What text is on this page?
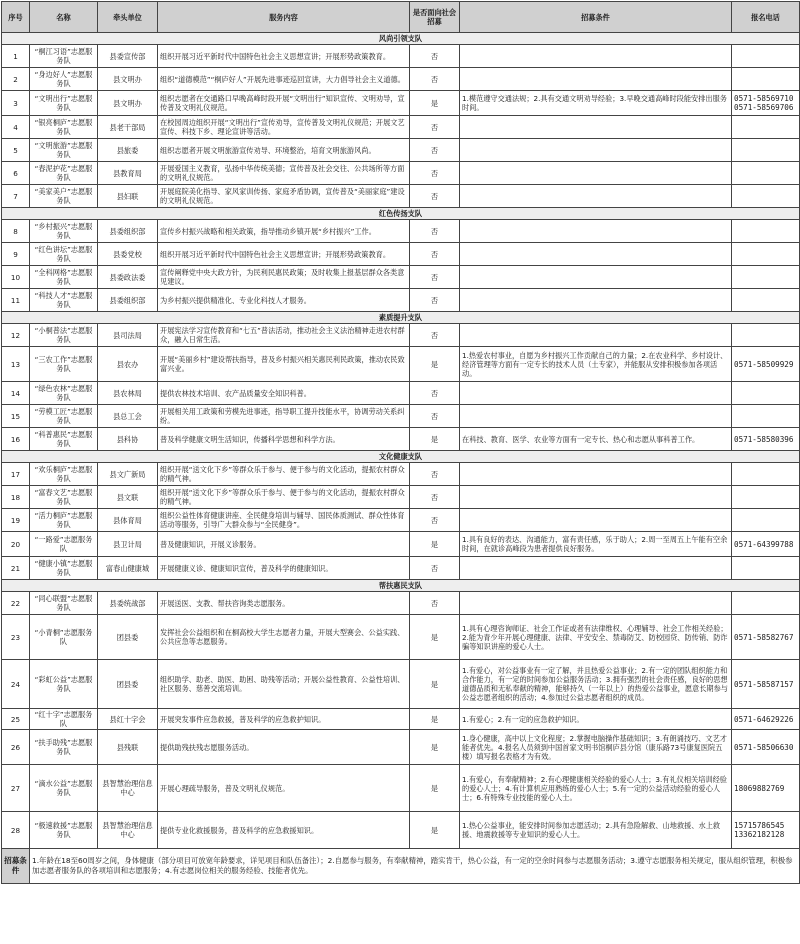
序号	名称	牵头单位	服务内容	是否面向社会招募	招募条件	报名电话
风尚引领支队						
1	“桐江习语”志愿服务队	县委宣传部	组织开展习近平新时代中国特色社会主义思想宣讲；开展形势政策教育。	否		
2	“身边好人”志愿服务队	县文明办	组织“道德模范”“桐庐好人”开展先进事迹巡回宣讲，大力倡导社会主义道德。	否		
3	“文明出行”志愿服务队	县文明办	组织志愿者在交通路口早晚高峰时段开展“文明出行”知识宣传、文明劝导，宣传普及文明礼仪规范。	是	1.模范遵守交通法规；2.具有交通文明劝导经验；3.早晚交通高峰时段能安排出服务时间。	0571-58569710
0571-58569706
4	“银亮桐庐”志愿服务队	县老干部局	在校园周边组织开展“文明出行”宣传劝导，宣传普及文明礼仪规范；开展文艺宣传、科技下乡、理论宣讲等活动。	否		
5	“文明旅游”志愿服务队	县旅委	组织志愿者开展文明旅游宣传劝导、环境整治，培育文明旅游风尚。	否		
6	“春泥护花”志愿服务队	县教育局	开展爱国主义教育，弘扬中华传统美德；宣传普及社会交往、公共场所等方面的文明礼仪规范。	否		
7	“美家美户”志愿服务队	县妇联	开展庭院美化指导、家风家训传扬、家庭矛盾协调，宣传普及“美丽家庭”建设的文明礼仪规范。	否		
红色传扬支队						
8	“乡村振兴”志愿服务队	县委组织部	宣传乡村振兴战略和相关政策，指导推动乡镇开展“乡村振兴”工作。	否		
9	“红色讲坛”志愿服务队	县委党校	组织开展习近平新时代中国特色社会主义思想宣讲；开展形势政策教育。	否		
10	“全科网格”志愿服务队	县委政法委	宣传阐释党中央大政方针，为民利民惠民政策；及时收集上报基层群众各类意见建议。	否		
11	“科技人才”志愿服务队	县委组织部	为乡村振兴提供精准化、专业化科技人才服务。	否		
素质提升支队						
12	“小桐普法”志愿服务队	县司法局	开展宪法学习宣传教育和“七五”普法活动，推动社会主义法治精神走进农村群众，融入日常生活。	否		
13	“三农工作”志愿服务队	县农办	开展“美丽乡村”建设帮扶指导，普及乡村振兴相关惠民利民政策，推动农民致富兴业。	是	1.热爱农村事业，自愿为乡村振兴工作贡献自己的力量；2.在农业科学、乡村设计、经济管理等方面有一定专长的技术人员（土专家），并能服从安排积极参加各项活动。	0571-58509929
14	“绿色农林”志愿服务队	县农林局	提供农林技术培训、农产品质量安全知识科普。	否		
15	“劳模工匠”志愿服务队	县总工会	开展相关用工政策和劳模先进事迹，指导职工提升技能水平，协调劳动关系纠纷。	否		
16	“科普惠民”志愿服务队	县科协	普及科学健康文明生活知识，传播科学思想和科学方法。	是	在科技、教育、医学、农业等方面有一定专长、热心和志愿从事科普工作。	0571-58580396
文化健康支队						
17	“欢乐桐庐”志愿服务队	县文广新局	组织开展“送文化下乡”等群众乐于参与、便于参与的文化活动，提振农村群众的精气神。	否		
18	“富春文艺”志愿服务队	县文联	组织开展“送文化下乡”等群众乐于参与、便于参与的文化活动，提振农村群众的精气神。	否		
19	“活力桐庐”志愿服务队	县体育局	组织公益性体育健康讲座、全民健身培训与辅导、国民体质测试、群众性体育活动等服务，引导广大群众参与“全民健身”。	否		
20	“一路爱”志愿服务队	县卫计局	普及健康知识，开展义诊服务。	是	1.具有良好的表达、沟通能力，富有责任感，乐于助人；2.周一至周五上午能有空余时间，在就诊高峰段为患者提供良好服务。	0571-64399788
21	“健康小镇”志愿服务队	富春山健康城	开展健康义诊、健康知识宣传，普及科学的健康知识。	否		
帮扶惠民支队						
22	“同心联盟”志愿服务队	县委统战部	开展送医、支教、帮扶咨询类志愿服务。	否		
23	“小青桐”志愿服务队	团县委	发挥社会公益组织和在桐高校大学生志愿者力量，开展大型赛会、公益实践、公共应急等志愿服务。	是	1.具有心理咨询师证、社会工作证或者有法律维权、心理辅导、社会工作相关经验；2.能为青少年开展心理健康、法律、平安安全、禁毒防艾、防校园贷、防传销、防诈骗等知识讲座的爱心人士。	0571-58582767
24	“彩虹公益”志愿服务队	团县委	组织助学、助老、助医、助困、助残等活动；开展公益性教育、公益性培训、社区服务、慈善交流培训。	是	1.有爱心，对公益事业有一定了解，并且热爱公益事业；2.有一定的团队组织能力和合作能力，有一定的时间参加公益服务活动；3.拥有强烈的社会责任感，良好的思想道德品质和无私奉献的精神，能够持久（一年以上）的热爱公益事业，愿意长期参与公益志愿者组织的活动；4.参加过公益志愿者组织的成员。	0571-58587157
25	“红十字”志愿服务队	县红十字会	开展突发事件应急救援，普及科学的应急救护知识。	是	1.有爱心；2.有一定的应急救护知识。	0571-64629226
26	“扶手助残”志愿服务队	县残联	提供助残扶残志愿服务活动。	是	1.身心健康，高中以上文化程度；2.掌握电脑操作基础知识；3.有朗诵技巧、文艺才能者优先。4.报名人员须到中国首家文明书馆桐庐县分馆（康乐路73号康复医院五楼）填写报名表格才为有效。	0571-58506630
27	“滴水公益”志愿服务队	县智慧治理信息中心	开展心理疏导服务，普及文明礼仪规范。	是	1.有爱心，有奉献精神；2.有心理健康相关经验的爱心人士；3.有礼仪相关培训经验的爱心人士；4.有计算机应用熟练的爱心人士；5.有一定的公益活动经验的爱心人士；6.有特殊专业技能的爱心人士。	18069882769
28	“极速救援”志愿服务队	县智慧治理信息中心	提供专业化救援服务，普及科学的应急救援知识。	是	1.热心公益事业，能安排时间参加志愿活动；2.具有急险解救、山地救援、水上救援、地震救援等专业知识的爱心人士。	15715786545
13362182128
招募条件	1.年龄在18至60周岁之间，身体健康（部分项目可放宽年龄要求，详见项目和队伍备注）；2.自愿参与服务，有奉献精神，踏实肯干，热心公益，有一定的空余时间参与志愿服务活动；3.遵守志愿服务相关规定，服从组织管理，积极参加志愿者服务队的各项培训和志愿服务；4.有志愿岗位相关的服务经验、技能者优先。					
